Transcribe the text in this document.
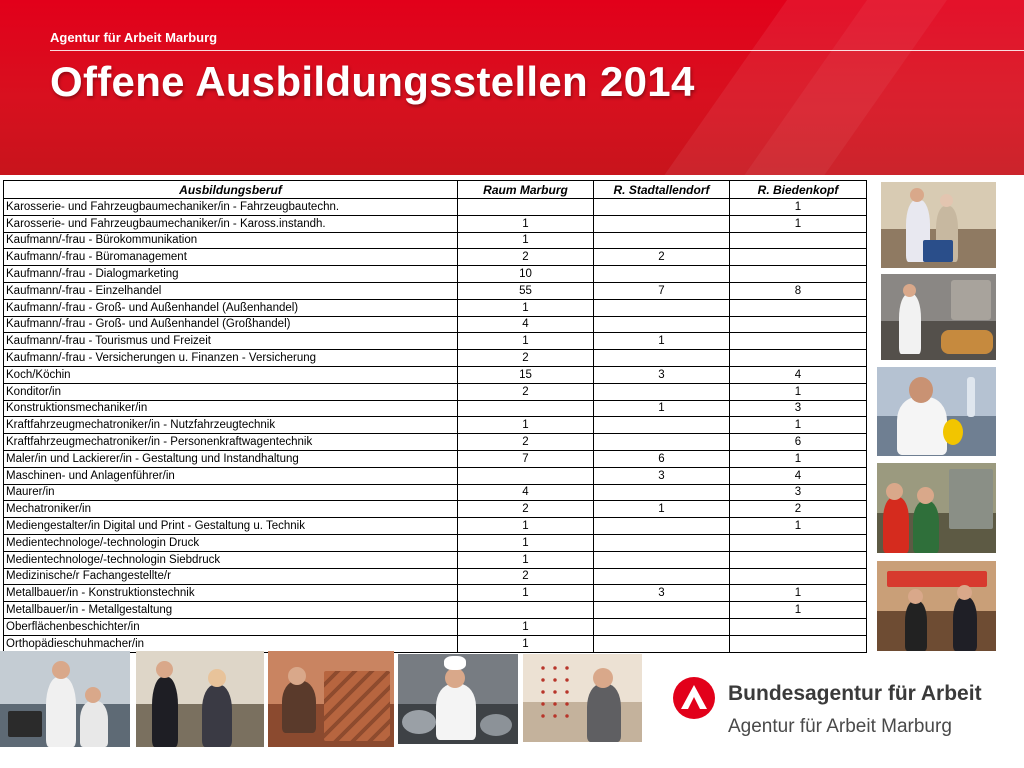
Agentur für Arbeit Marburg
Offene Ausbildungsstellen 2014
Ausbildungsberuf	Raum Marburg	R. Stadtallendorf	R. Biedenkopf
Karosserie- und Fahrzeugbaumechaniker/in - Fahrzeugbautechn.			1
Karosserie- und Fahrzeugbaumechaniker/in - Kaross.instandh.	1		1
Kaufmann/-frau - Bürokommunikation	1		
Kaufmann/-frau - Büromanagement	2	2	
Kaufmann/-frau - Dialogmarketing	10		
Kaufmann/-frau - Einzelhandel	55	7	8
Kaufmann/-frau - Groß- und Außenhandel (Außenhandel)	1		
Kaufmann/-frau - Groß- und Außenhandel (Großhandel)	4		
Kaufmann/-frau - Tourismus und Freizeit	1	1	
Kaufmann/-frau - Versicherungen u. Finanzen - Versicherung	2		
Koch/Köchin	15	3	4
Konditor/in	2		1
Konstruktionsmechaniker/in		1	3
Kraftfahrzeugmechatroniker/in - Nutzfahrzeugtechnik	1		1
Kraftfahrzeugmechatroniker/in - Personenkraftwagentechnik	2		6
Maler/in und Lackierer/in - Gestaltung und Instandhaltung	7	6	1
Maschinen- und Anlagenführer/in		3	4
Maurer/in	4		3
Mechatroniker/in	2	1	2
Mediengestalter/in Digital und Print - Gestaltung u. Technik	1		1
Medientechnologe/-technologin Druck	1		
Medientechnologe/-technologin Siebdruck	1		
Medizinische/r Fachangestellte/r	2		
Metallbauer/in - Konstruktionstechnik	1	3	1
Metallbauer/in - Metallgestaltung			1
Oberflächenbeschichter/in	1		
Orthopädieschuhmacher/in	1		
Bundesagentur für Arbeit
Agentur für Arbeit Marburg
